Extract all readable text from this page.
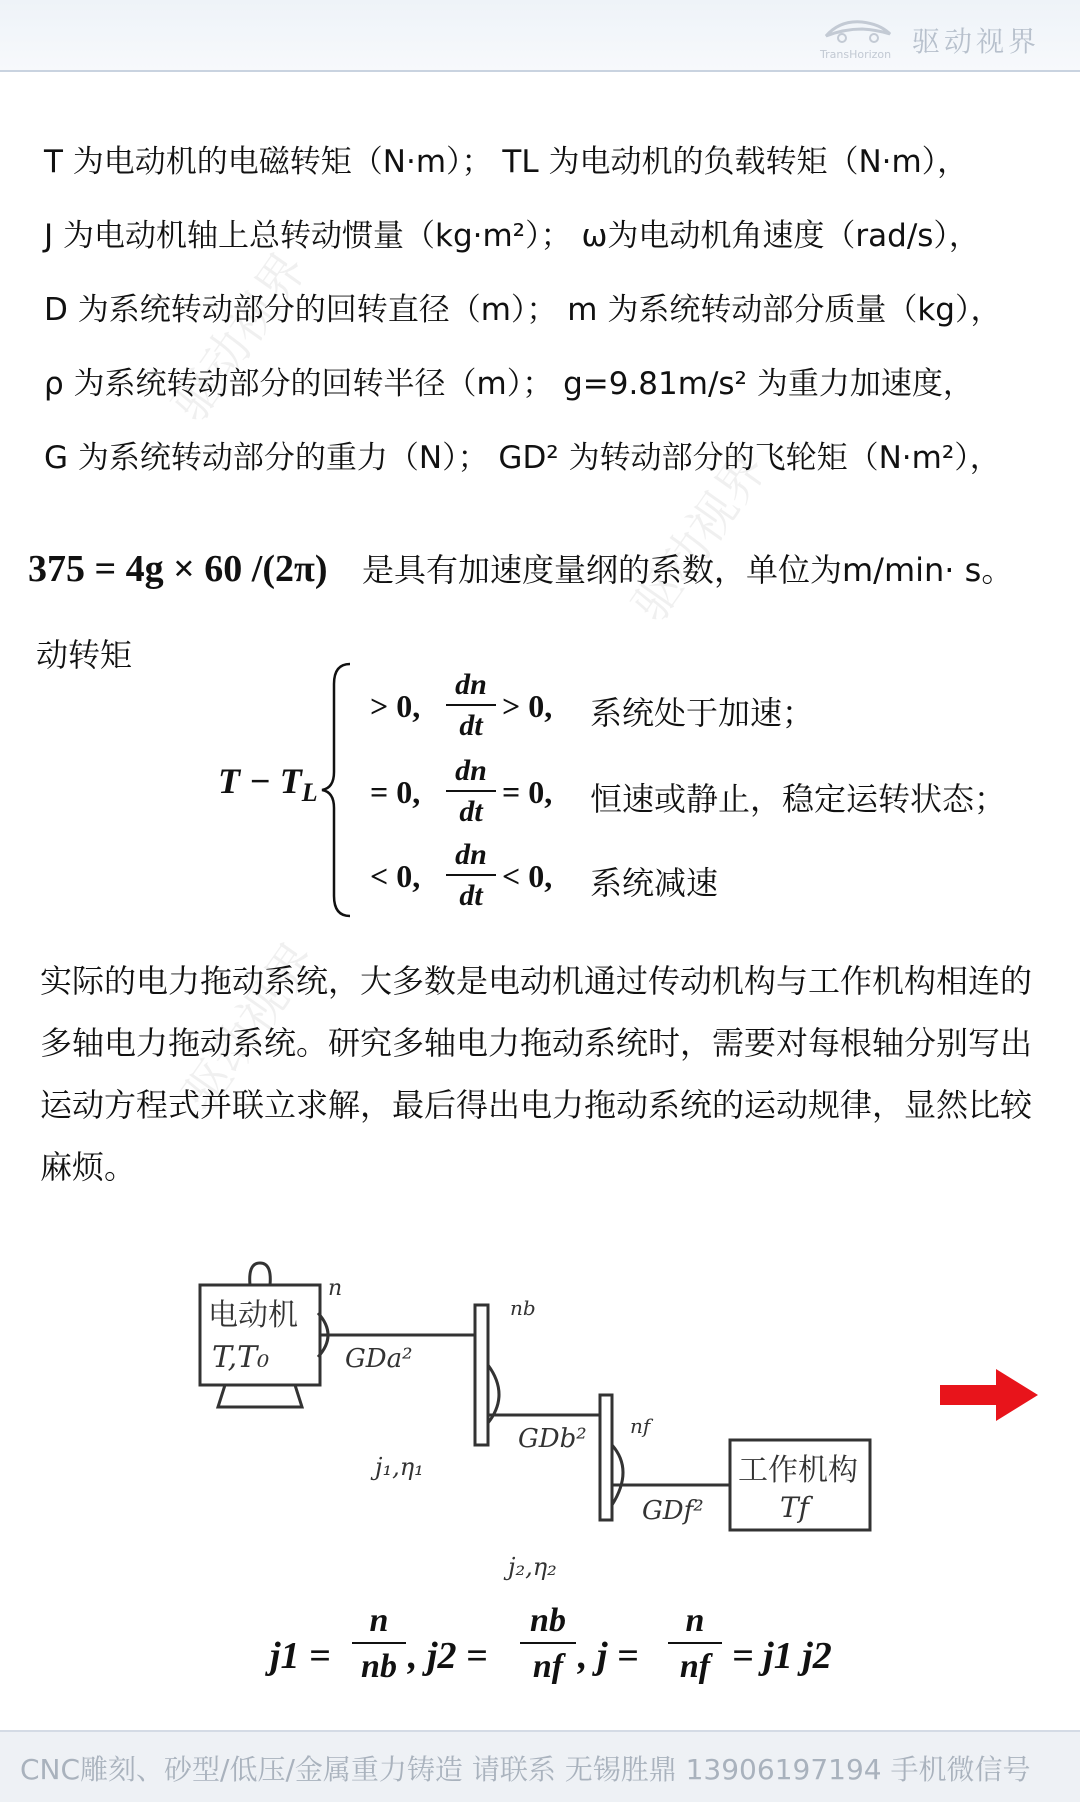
驱动视界
TransHorizon
驱动视界
驱动视界
驱动视界
T 为电动机的电磁转矩（N·m）； TL 为电动机的负载转矩（N·m），
J 为电动机轴上总转动惯量（kg·m²）； ω为电动机角速度（rad/s），
D 为系统转动部分的回转直径（m）； m 为系统转动部分质量（kg），
ρ 为系统转动部分的回转半径（m）； g=9.81m/s² 为重力加速度，
G 为系统转动部分的重力（N）； GD² 为转动部分的飞轮矩（N·m²），
375 = 4g × 60 /(2π) 是具有加速度量纲的系数，单位为m/min· s。
动转矩
$T - T_L$
> 0, $\frac{dn}{dt} > 0$, 系统处于加速；
= 0, $\frac{dn}{dt} = 0$, 恒速或静止，稳定运转状态；
< 0, $\frac{dn}{dt} < 0$, 系统减速
实际的电力拖动系统，大多数是电动机通过传动机构与工作机构相连的多轴电力拖动系统。研究多轴电力拖动系统时，需要对每根轴分别写出运动方程式并联立求解，最后得出电力拖动系统的运动规律，显然比较麻烦。
电动机
T,T₀
n
GDa²
nb
GDb²
j₁,η₁
nf
GDf²
j₂,η₂
工作机构
Tf
$j1 = \frac{n}{nb}$ , $j2 = \frac{nb}{nf}$ , $j = \frac{n}{nf} = j1$ j2
CNC雕刻、砂型/低压/金属重力铸造 请联系 无锡胜鼎 13906197194 手机微信号
